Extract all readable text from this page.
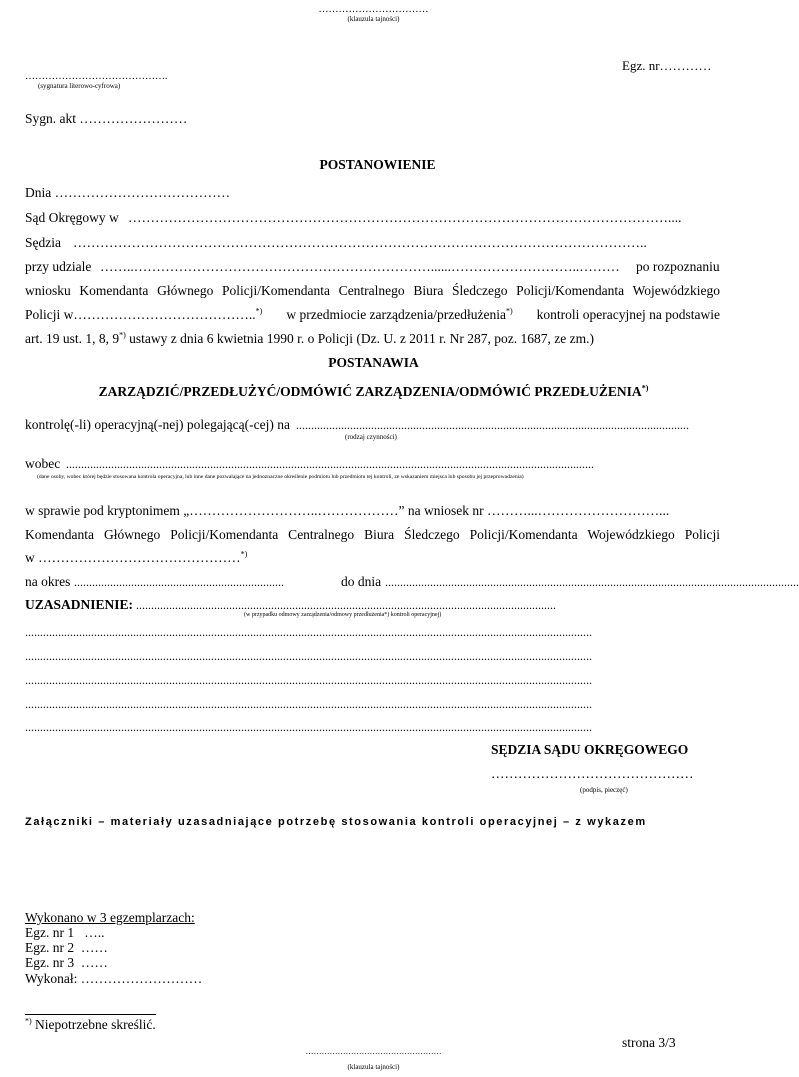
……………………………
(klauzula tajności)
Egz. nr…………
…………………………………….
(sygnatura literowo-cyfrowa)
Sygn. akt ……………………
POSTANOWIENIE
Dnia …………………………………
Sąd Okręgowy w …………………………………………………………………………………………………………....
Sędzia ………………………………………………………………………………………………………………..
przy udziale ……..…………………………………………………………......………………………..………	po rozpoznaniu
wniosku Komendanta Głównego Policji/Komendanta Centralnego Biura Śledczego Policji/Komendanta Wojewódzkiego
Policji w…………………………………..*) w przedmiocie zarządzenia/przedłużenia*) kontroli operacyjnej na podstawie
art. 19 ust. 1, 8, 9*) ustawy z dnia 6 kwietnia 1990 r. o Policji (Dz. U. z 2011 r. Nr 287, poz. 1687, ze zm.)
POSTANAWIA
ZARZĄDZIĆ/PRZEDŁUŻYĆ/ODMÓWIĆ ZARZĄDZENIA/ODMÓWIĆ PRZEDŁUŻENIA*)
kontrolę(-li) operacyjną(-nej) polegającą(-cej) na ...................................................................................................................................
(rodzaj czynności)
wobec ................................................................................................................................................................................
(dane osoby, wobec której będzie stosowana kontrola operacyjna, lub inne dane pozwalające na jednoznaczne określenie podmiotu lub przedmiotu tej kontroli, ze wskazaniem miejsca lub sposobu jej przeprowadzenia)
w sprawie pod kryptonimem „………………………..………………” na wniosek nr ………...………………………...
Komendanta Głównego Policji/Komendanta Centralnego Biura Śledczego Policji/Komendanta Wojewódzkiego Policji
w ………………………………………*)
na okres ......................................................................	do dnia ..........................................................................................................................................
UZASADNIENIE: ............................................................................................................................................
(w przypadku odmowy zarządzenia/odmowy przedłużenia*) kontroli operacyjnej)
.............................................................................................................................................................................................
.............................................................................................................................................................................................
.............................................................................................................................................................................................
.............................................................................................................................................................................................
.............................................................................................................................................................................................
SĘDZIA SĄDU OKRĘGOWEGO
………………………………………
(podpis, pieczęć)
Załączniki – materiały uzasadniające potrzebę stosowania kontroli operacyjnej – z wykazem
Wykonano w 3 egzemplarzach:
Egz. nr 1   …..
Egz. nr 2  ……
Egz. nr 3  ……
Wykonał: ………………………
*) Niepotrzebne skreślić.
strona 3/3
……………………………………………
(klauzula tajności)
